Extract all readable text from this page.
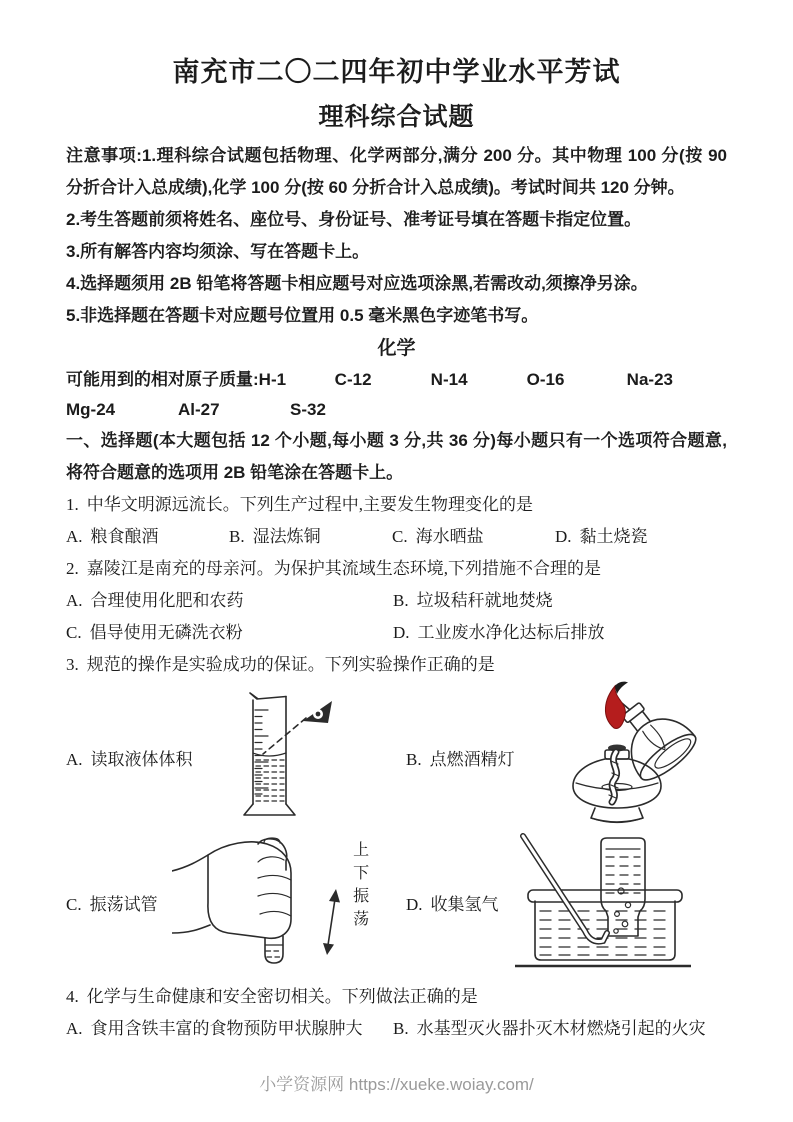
南充市二〇二四年初中学业水平芳试
理科综合试题

注意事项:1.理科综合试题包括物理、化学两部分,满分 200 分。其中物理 100 分(按 90 分折合计入总成绩),化学 100 分(按 60 分折合计入总成绩)。考试时间共 120 分钟。

2.考生答题前须将姓名、座位号、身份证号、准考证号填在答题卡指定位置。

3.所有解答内容均须涂、写在答题卡上。

4.选择题须用 2B 铅笔将答题卡相应题号对应选项涂黑,若需改动,须擦净另涂。

5.非选择题在答题卡对应题号位置用 0.5 毫米黑色字迹笔书写。

化学
可能用到的相对原子质量: H-1	C-12	N-14	O-16	Na-23
Mg-24	Al-27	S-32

一、选择题(本大题包括 12 个小题,每小题 3 分,共 36 分)每小题只有一个选项符合题意,将符合题意的选项用 2B 铅笔涂在答题卡上。

1. 中华文明源远流长。下列生产过程中,主要发生物理变化的是

A. 粮食酿酒	B. 湿法炼铜	C. 海水晒盐	D. 黏土烧瓷

2. 嘉陵江是南充的母亲河。为保护其流域生态环境,下列措施不合理的是

A. 合理使用化肥和农药	B. 垃圾秸秆就地焚烧
C. 倡导使用无磷洗衣粉	D. 工业废水净化达标后排放

3. 规范的操作是实验成功的保证。下列实验操作正确的是

A. 读取液体体积	B. 点燃酒精灯

C. 振荡试管	上下振荡 D. 收集氢气

4. 化学与生命健康和安全密切相关。下列做法正确的是

A. 食用含铁丰富的食物预防甲状腺肿大	B. 水基型灭火器扑灭木材燃烧引起的火灾
小学资源网 https://xueke.woiay.com/
